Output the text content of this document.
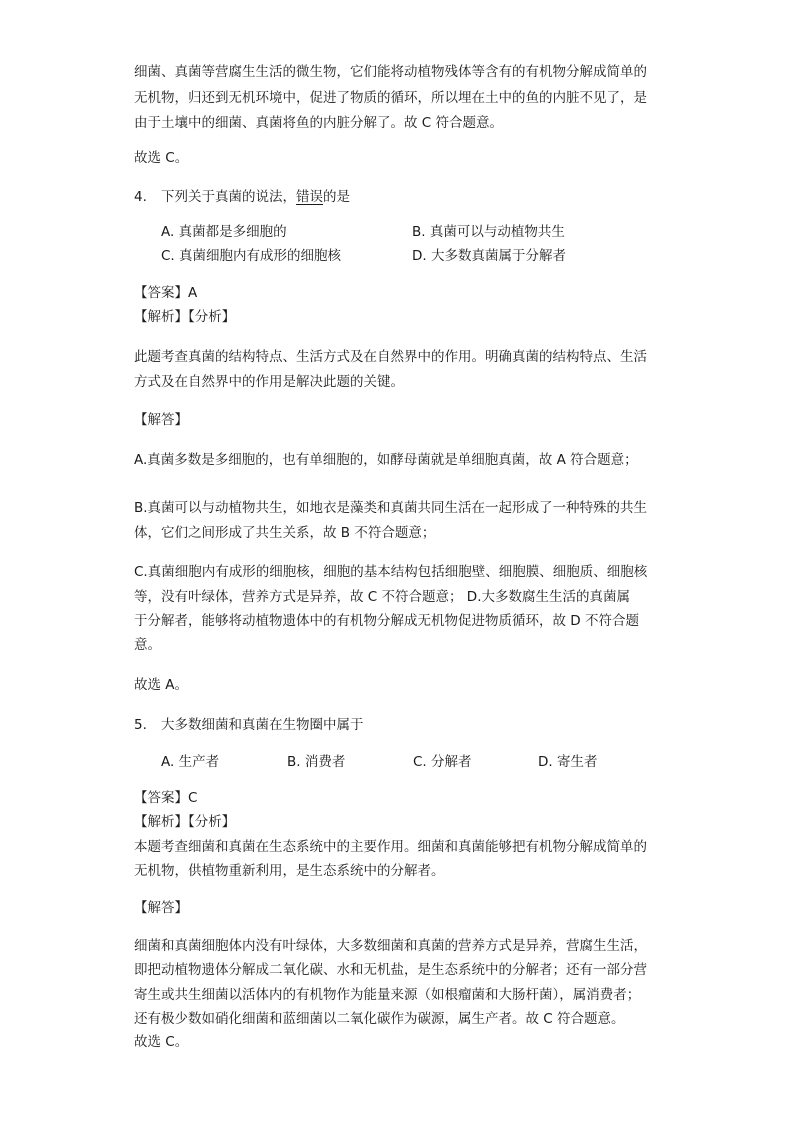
细菌、真菌等营腐生生活的微生物，它们能将动植物残体等含有的有机物分解成简单的
无机物，归还到无机环境中，促进了物质的循环，所以埋在土中的鱼的内脏不见了，是
由于土壤中的细菌、真菌将鱼的内脏分解了。故 C 符合题意。
故选 C。
4. 下列关于真菌的说法，错误的是
A. 真菌都是多细胞的	B. 真菌可以与动植物共生
C. 真菌细胞内有成形的细胞核	D. 大多数真菌属于分解者
【答案】A
【解析】【分析】
此题考查真菌的结构特点、生活方式及在自然界中的作用。明确真菌的结构特点、生活
方式及在自然界中的作用是解决此题的关键。
【解答】
A.真菌多数是多细胞的，也有单细胞的，如酵母菌就是单细胞真菌，故 A 符合题意；
B.真菌可以与动植物共生，如地衣是藻类和真菌共同生活在一起形成了一种特殊的共生
体，它们之间形成了共生关系，故 B 不符合题意；
C.真菌细胞内有成形的细胞核，细胞的基本结构包括细胞壁、细胞膜、细胞质、细胞核
等，没有叶绿体，营养方式是异养，故 C 不符合题意； D.大多数腐生生活的真菌属
于分解者，能够将动植物遗体中的有机物分解成无机物促进物质循环，故 D 不符合题
意。
故选 A。
5. 大多数细菌和真菌在生物圈中属于
A. 生产者	B. 消费者	C. 分解者	D. 寄生者
【答案】C
【解析】【分析】
本题考查细菌和真菌在生态系统中的主要作用。细菌和真菌能够把有机物分解成简单的
无机物，供植物重新利用，是生态系统中的分解者。
【解答】
细菌和真菌细胞体内没有叶绿体，大多数细菌和真菌的营养方式是异养，营腐生生活，
即把动植物遗体分解成二氧化碳、水和无机盐，是生态系统中的分解者；还有一部分营
寄生或共生细菌以活体内的有机物作为能量来源（如根瘤菌和大肠杆菌），属消费者；
还有极少数如硝化细菌和蓝细菌以二氧化碳作为碳源，属生产者。故 C 符合题意。
故选 C。
